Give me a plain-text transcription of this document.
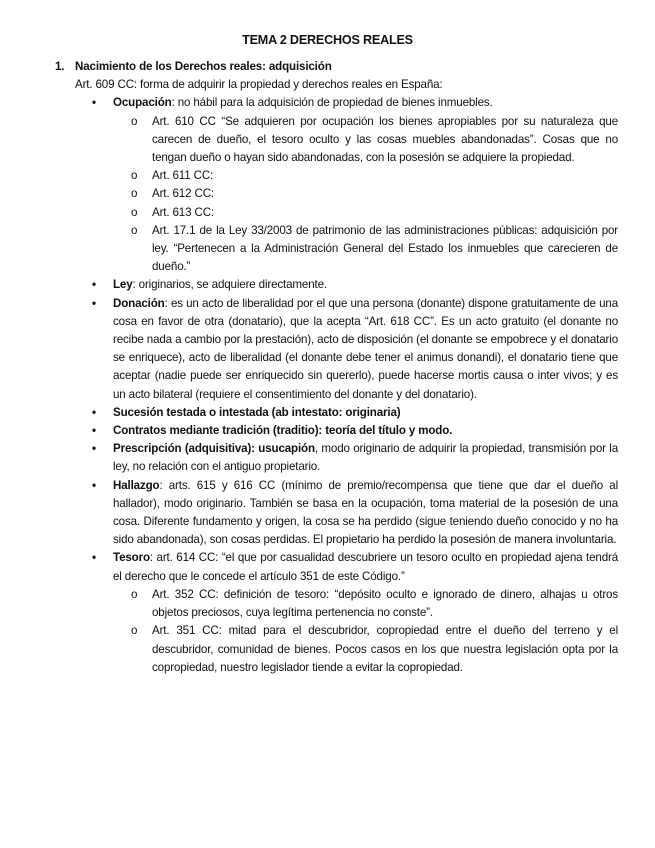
TEMA 2 DERECHOS REALES
1. Nacimiento de los Derechos reales: adquisición
Art. 609 CC: forma de adquirir la propiedad y derechos reales en España:
• Ocupación: no hábil para la adquisición de propiedad de bienes inmuebles.
o Art. 610 CC “Se adquieren por ocupación los bienes apropiables por su naturaleza que carecen de dueño, el tesoro oculto y las cosas muebles abandonadas”. Cosas que no tengan dueño o hayan sido abandonadas, con la posesión se adquiere la propiedad.
o Art. 611 CC:
o Art. 612 CC:
o Art. 613 CC:
o Art. 17.1 de la Ley 33/2003 de patrimonio de las administraciones públicas: adquisición por ley. “Pertenecen a la Administración General del Estado los inmuebles que carecieren de dueño.”
• Ley: originarios, se adquiere directamente.
• Donación: es un acto de liberalidad por el que una persona (donante) dispone gratuitamente de una cosa en favor de otra (donatario), que la acepta “Art. 618 CC”. Es un acto gratuito (el donante no recibe nada a cambio por la prestación), acto de disposición (el donante se empobrece y el donatario se enriquece), acto de liberalidad (el donante debe tener el animus donandi), el donatario tiene que aceptar (nadie puede ser enriquecido sin quererlo), puede hacerse mortis causa o inter vivos; y es un acto bilateral (requiere el consentimiento del donante y del donatario).
• Sucesión testada o intestada (ab intestato: originaria)
• Contratos mediante tradición (traditio): teoría del título y modo.
• Prescripción (adquisitiva): usucapión, modo originario de adquirir la propiedad, transmisión por la ley, no relación con el antiguo propietario.
• Hallazgo: arts. 615 y 616 CC (mínimo de premio/recompensa que tiene que dar el dueño al hallador), modo originario. También se basa en la ocupación, toma material de la posesión de una cosa. Diferente fundamento y origen, la cosa se ha perdido (sigue teniendo dueño conocido y no ha sido abandonada), son cosas perdidas. El propietario ha perdido la posesión de manera involuntaria.
• Tesoro: art. 614 CC: “el que por casualidad descubriere un tesoro oculto en propiedad ajena tendrá el derecho que le concede el artículo 351 de este Código.”
o Art. 352 CC: definición de tesoro: “depósito oculto e ignorado de dinero, alhajas u otros objetos preciosos, cuya legítima pertenencia no conste”.
o Art. 351 CC: mitad para el descubridor, copropiedad entre el dueño del terreno y el descubridor, comunidad de bienes. Pocos casos en los que nuestra legislación opta por la copropiedad, nuestro legislador tiende a evitar la copropiedad.
